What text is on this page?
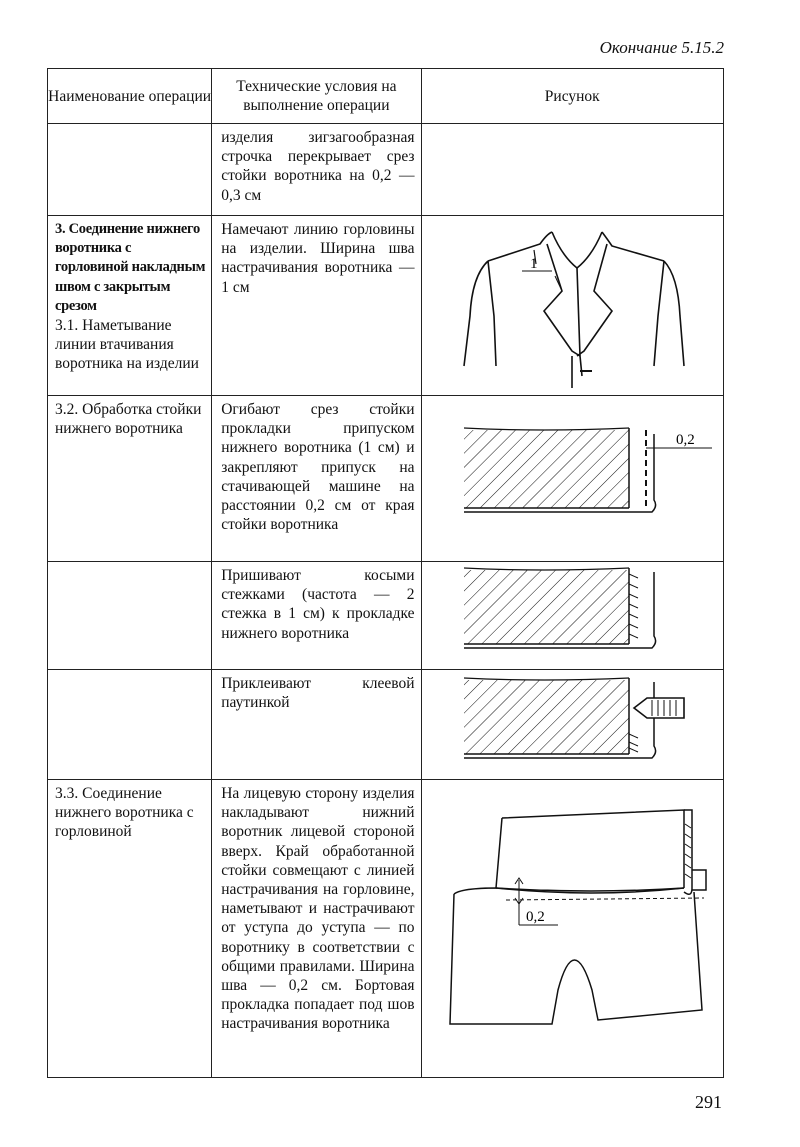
Окончание 5.15.2
Наименование операции	Технические условия на выполнение операции	Рисунок
	изделия зигзагообразная строчка перекрывает срез стойки воротника на 0,2 — 0,3 см	

3. Соединение нижнего воротника с горловиной накладным швом с закрытым срезом
3.1. Наметывание линии втачивания воротника на изделии	Намечают линию горловины на изделии. Ширина шва настрачивания воротника — 1 см	1

3.2. Обработка стойки нижнего воротника	Огибают срез стойки прокладки припуском нижнего воротника (1 см) и закрепляют припуск на стачивающей машине на расстоянии 0,2 см от края стойки воротника	0,2

	Пришивают косыми стежками (частота — 2 стежка в 1 см) к прокладке нижнего воротника	

	Приклеивают клеевой паутинкой	

3.3. Соединение нижнего воротника с горловиной	На лицевую сторону изделия накладывают нижний воротник лицевой стороной вверх. Край обработанной стойки совмещают с линией настрачивания на горловине, наметывают и настрачивают от уступа до уступа — по воротнику в соответствии с общими правилами. Ширина шва — 0,2 см. Бортовая прокладка попадает под шов настрачивания воротника	0,2
291
